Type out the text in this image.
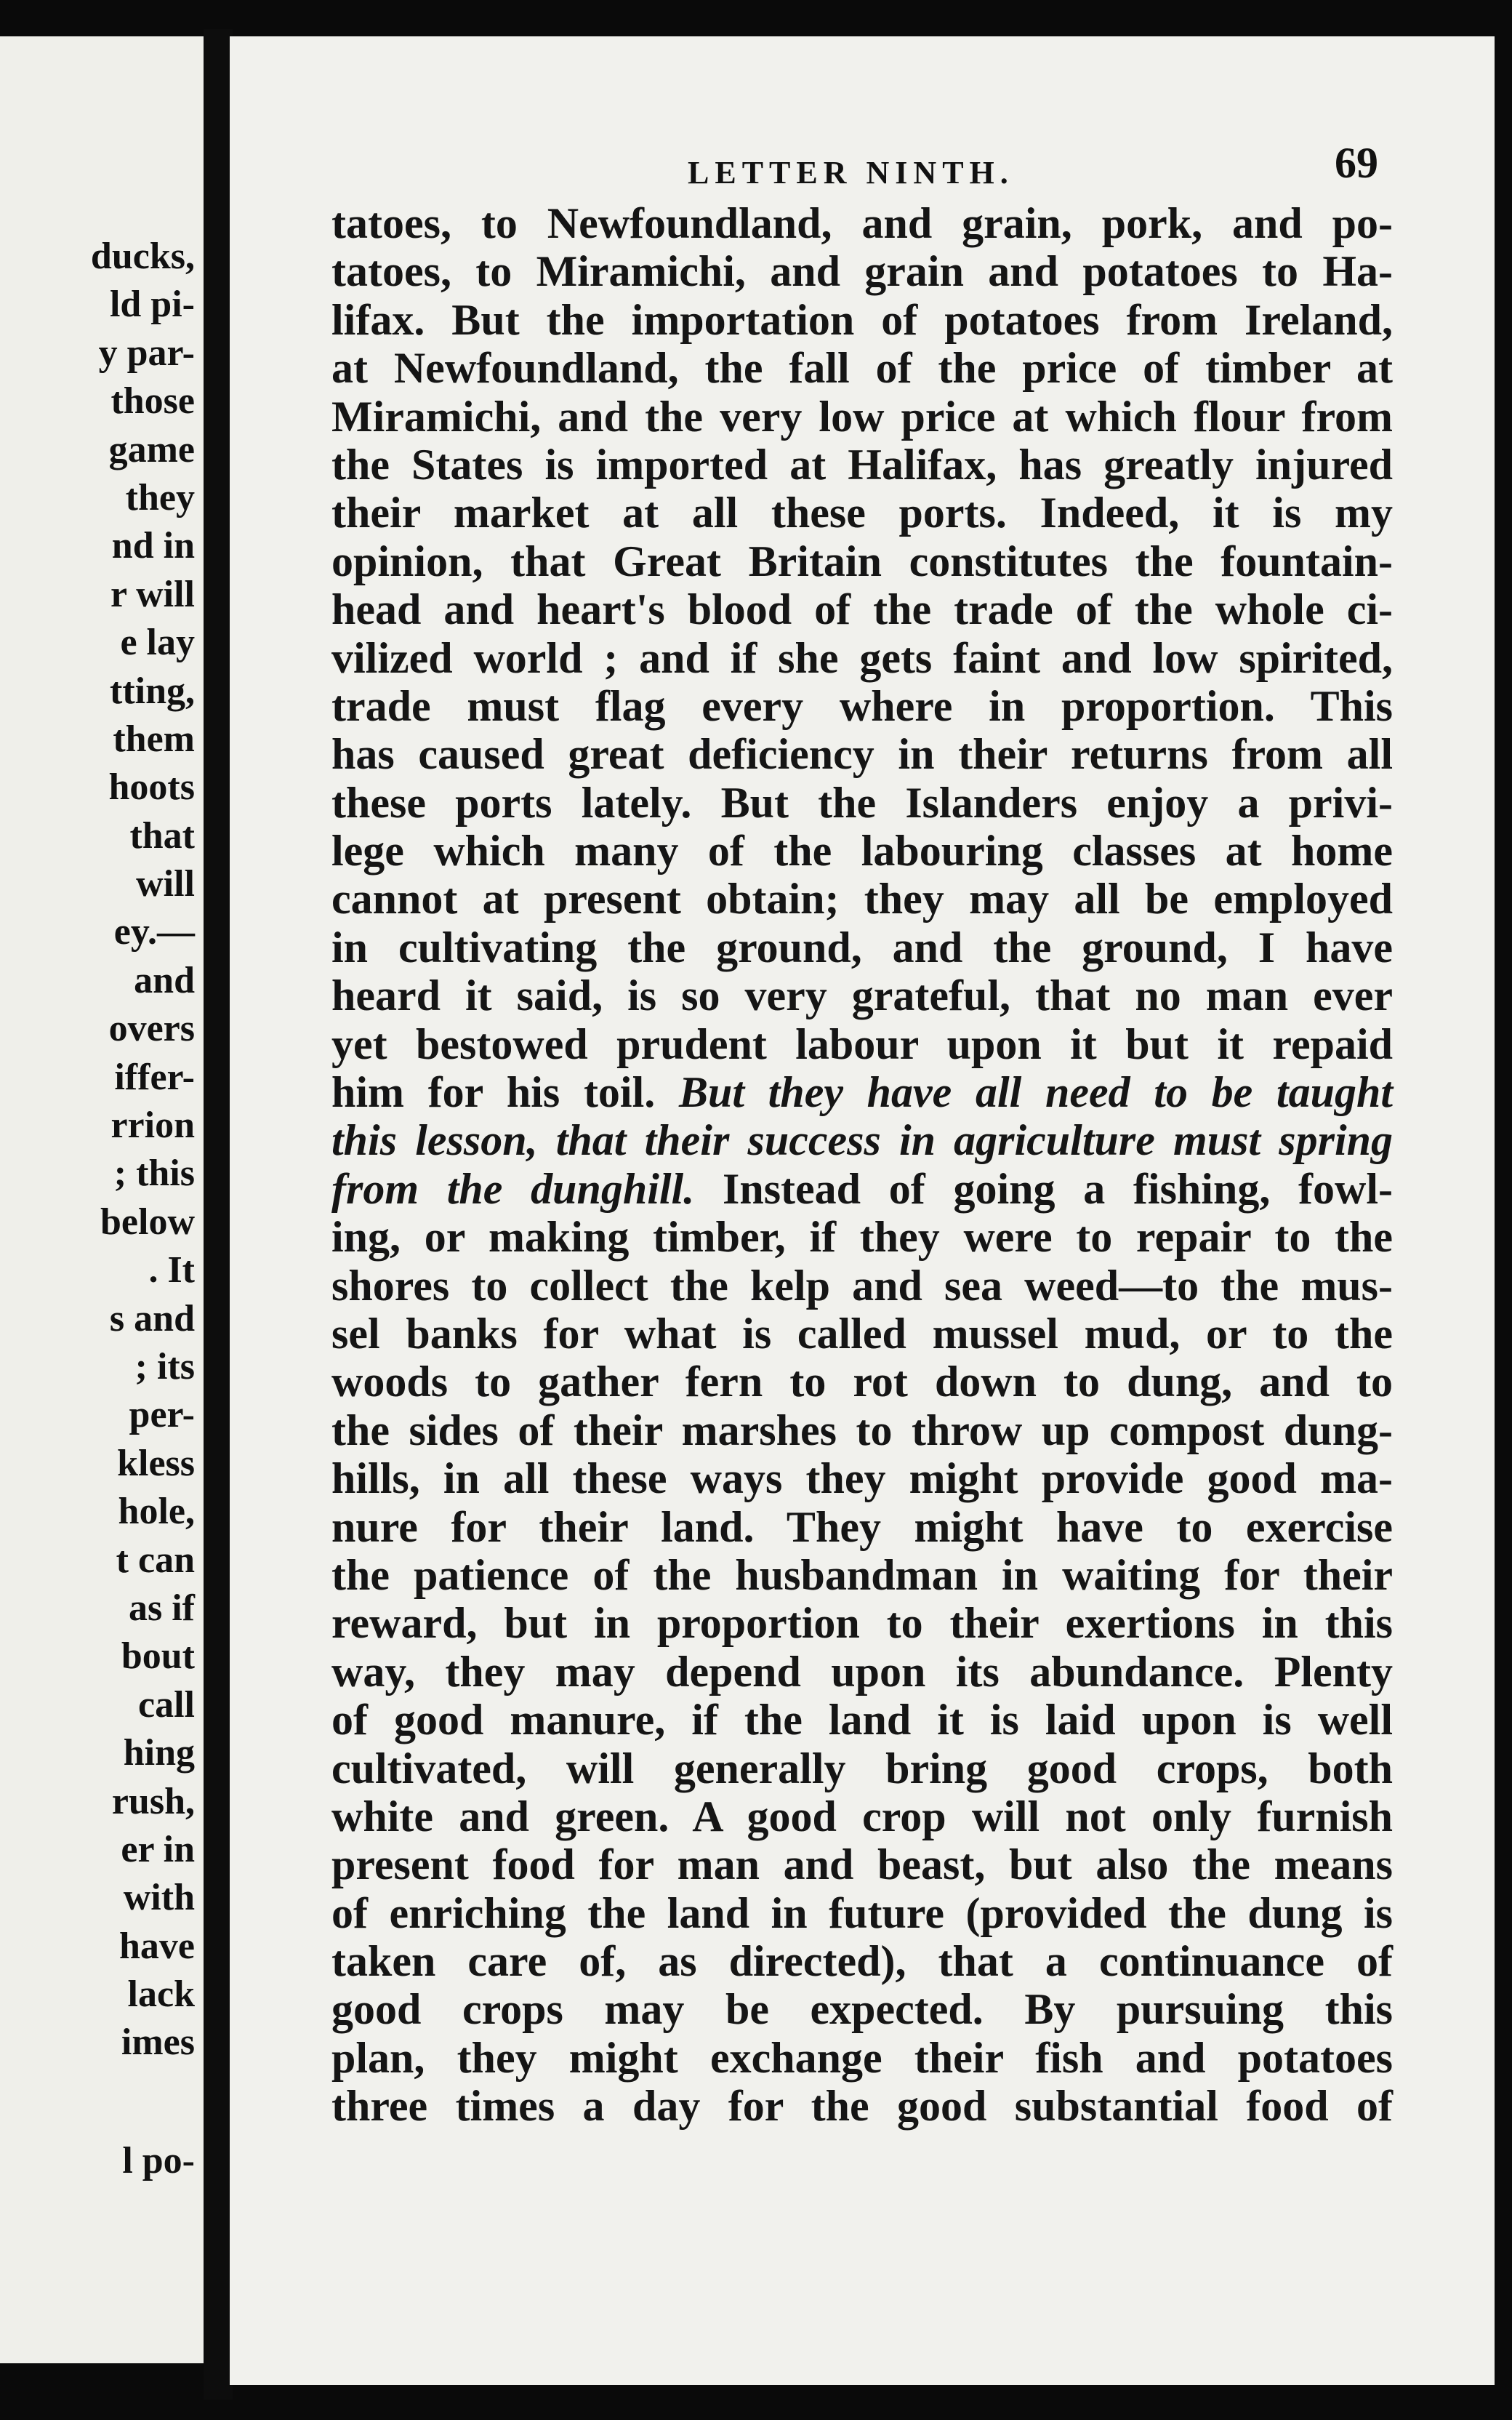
ducks,
ld pi-
y par-
those
game
they
nd in
r will
e lay
tting,
them
hoots
that
will
ey.—
and
overs
iffer-
rrion
; this
below
. It
s and
; its
per-
kless
hole,
t can
as if
bout
call
hing
rush,
er in
with
have
lack
imes
l po-
LETTER NINTH.	69
tatoes, to Newfoundland, and grain, pork, and po-
tatoes, to Miramichi, and grain and potatoes to Ha-
lifax. But the importation of potatoes from Ireland,
at Newfoundland, the fall of the price of timber at
Miramichi, and the very low price at which flour from
the States is imported at Halifax, has greatly injured
their market at all these ports. Indeed, it is my
opinion, that Great Britain constitutes the fountain-
head and heart's blood of the trade of the whole ci-
vilized world ; and if she gets faint and low spirited,
trade must flag every where in proportion. This
has caused great deficiency in their returns from all
these ports lately. But the Islanders enjoy a privi-
lege which many of the labouring classes at home
cannot at present obtain; they may all be employed
in cultivating the ground, and the ground, I have
heard it said, is so very grateful, that no man ever
yet bestowed prudent labour upon it but it repaid
him for his toil. But they have all need to be taught
this lesson, that their success in agriculture must spring
from the dunghill. Instead of going a fishing, fowl-
ing, or making timber, if they were to repair to the
shores to collect the kelp and sea weed—to the mus-
sel banks for what is called mussel mud, or to the
woods to gather fern to rot down to dung, and to
the sides of their marshes to throw up compost dung-
hills, in all these ways they might provide good ma-
nure for their land. They might have to exercise
the patience of the husbandman in waiting for their
reward, but in proportion to their exertions in this
way, they may depend upon its abundance. Plenty
of good manure, if the land it is laid upon is well
cultivated, will generally bring good crops, both
white and green. A good crop will not only furnish
present food for man and beast, but also the means
of enriching the land in future (provided the dung is
taken care of, as directed), that a continuance of
good crops may be expected. By pursuing this
plan, they might exchange their fish and potatoes
three times a day for the good substantial food of
